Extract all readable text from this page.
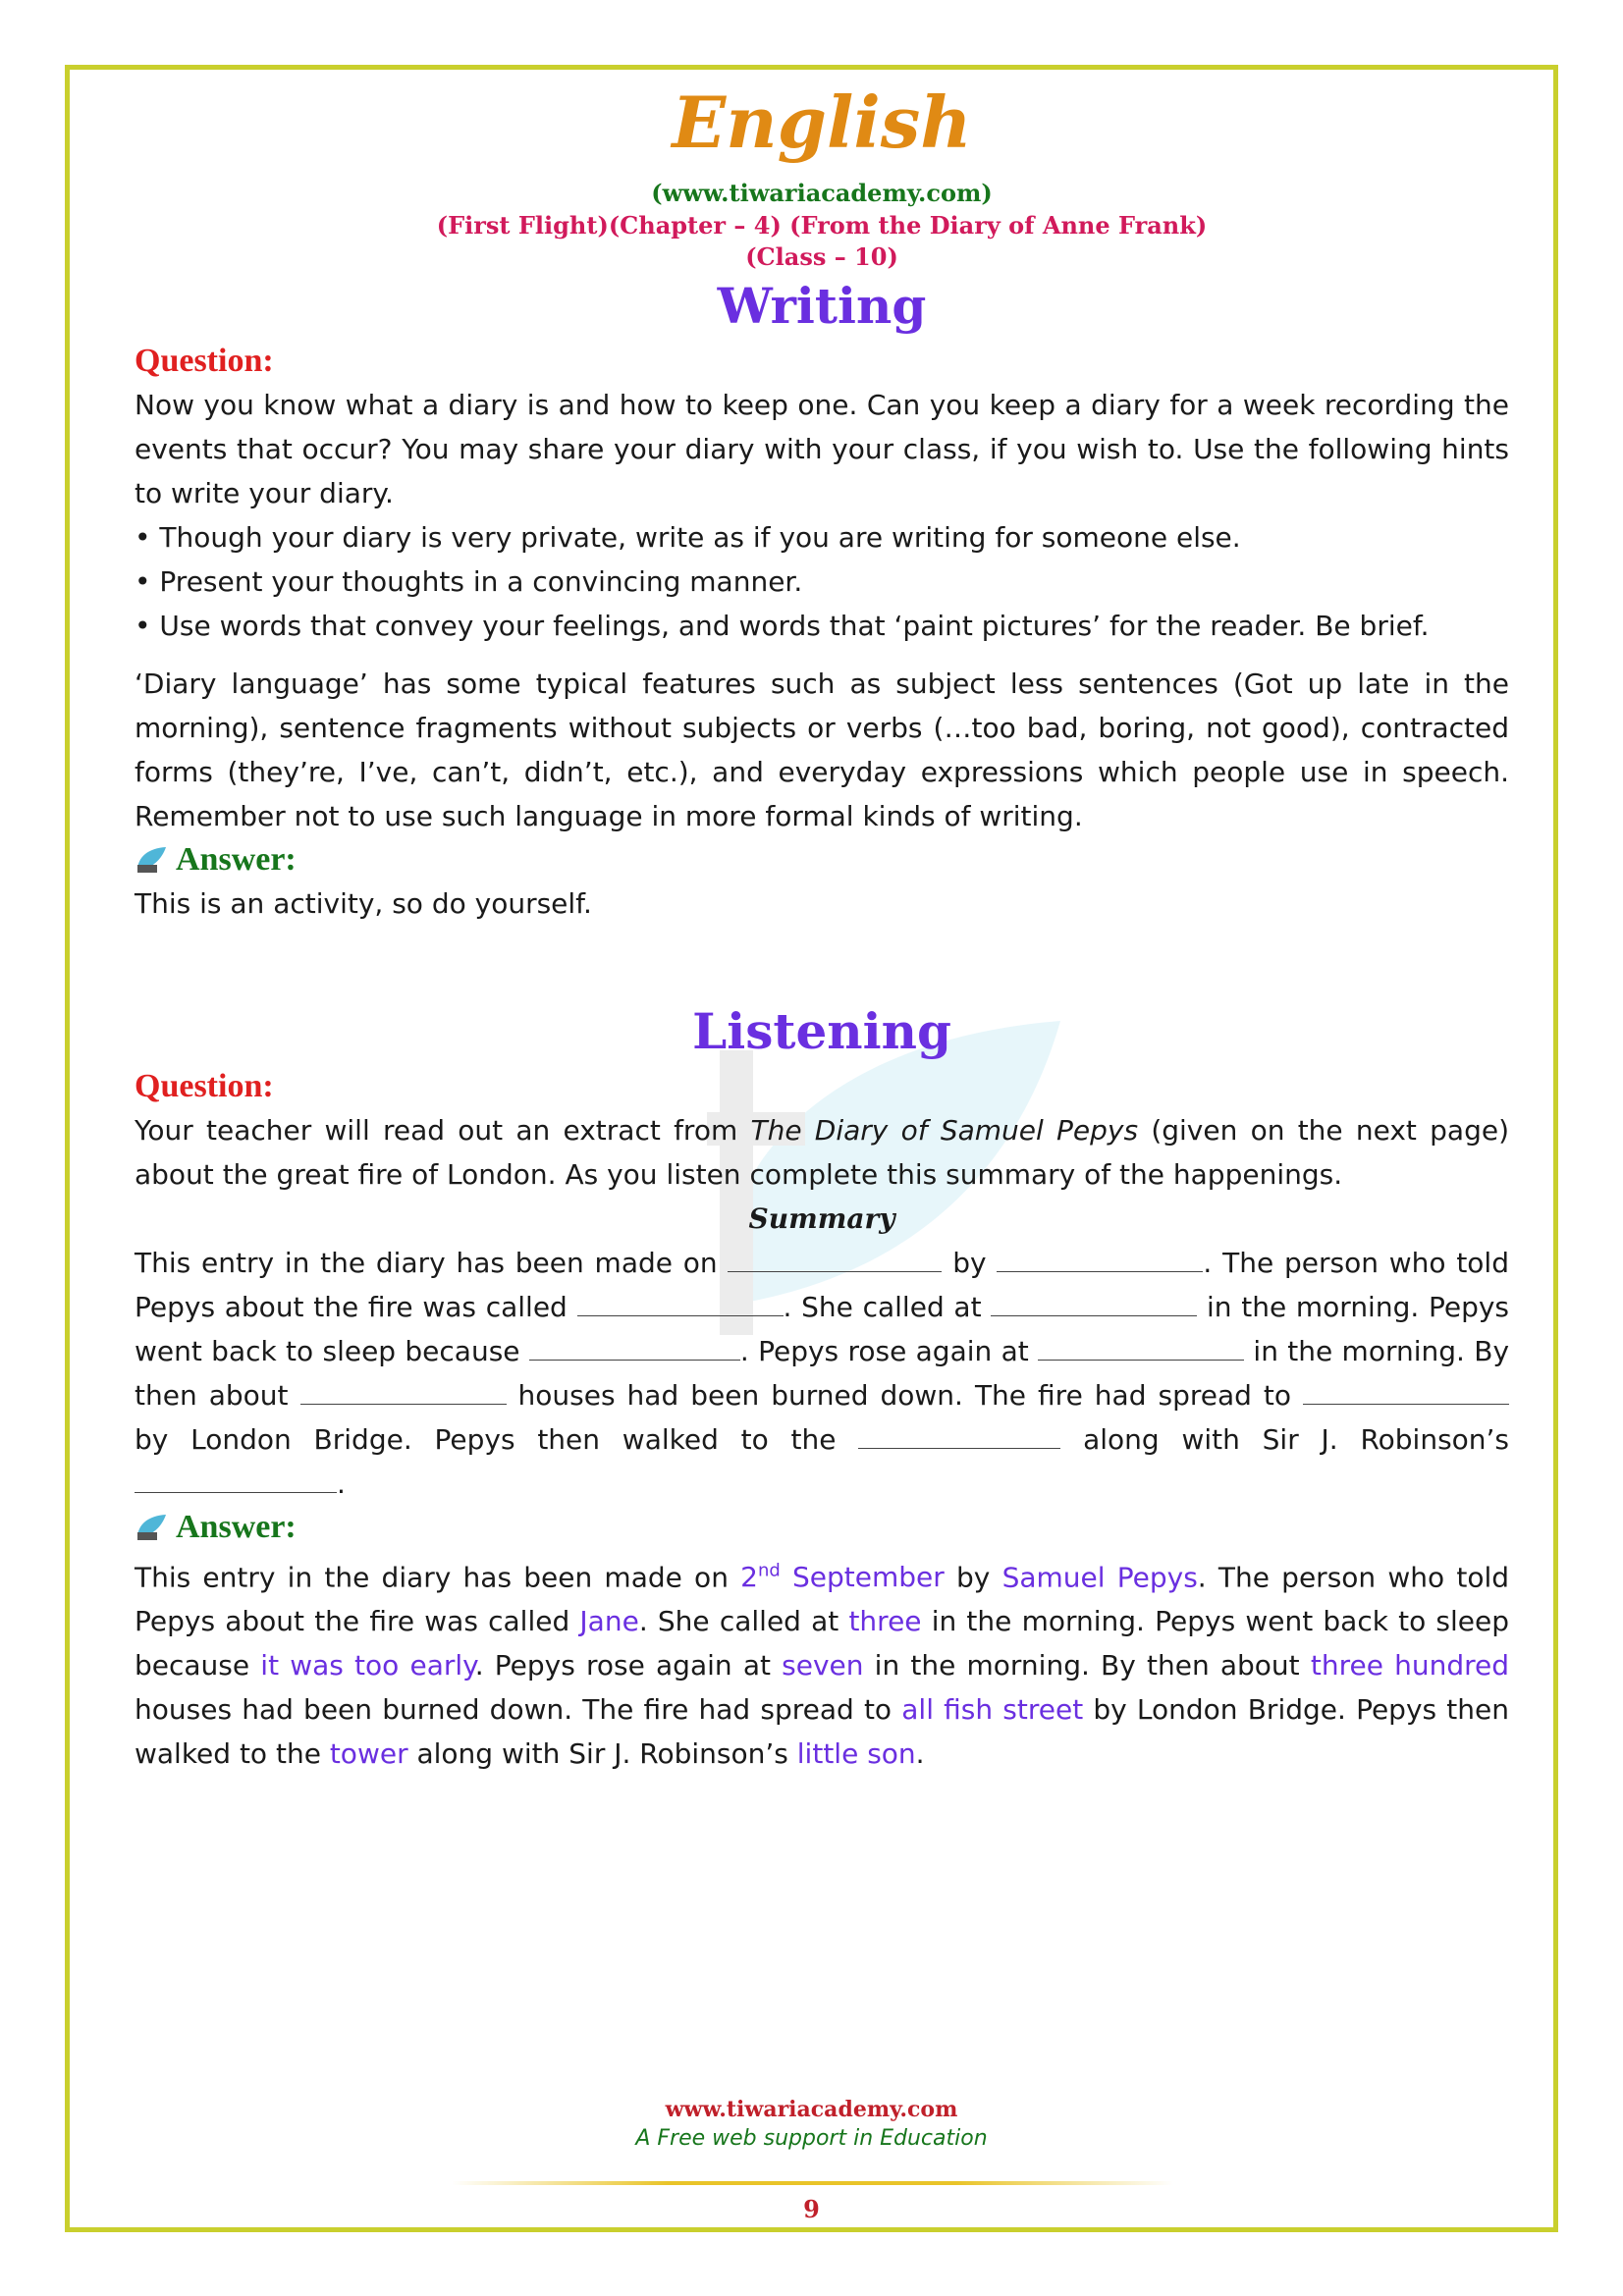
English
(www.tiwariacademy.com)
(First Flight)(Chapter – 4) (From the Diary of Anne Frank)
(Class – 10)
Writing

Question:

Now you know what a diary is and how to keep one. Can you keep a diary for a week recording the events that occur? You may share your diary with your class, if you wish to. Use the following hints to write your diary.

• Though your diary is very private, write as if you are writing for someone else.

• Present your thoughts in a convincing manner.

• Use words that convey your feelings, and words that ‘paint pictures’ for the reader. Be brief.

‘Diary language’ has some typical features such as subject less sentences (Got up late in the morning), sentence fragments without subjects or verbs (…too bad, boring, not good), contracted forms (they’re, I’ve, can’t, didn’t, etc.), and everyday expressions which people use in speech. Remember not to use such language in more formal kinds of writing.

Answer:

This is an activity, so do yourself.

Listening

Question:

Your teacher will read out an extract from The Diary of Samuel Pepys (given on the next page) about the great fire of London. As you listen complete this summary of the happenings.

Summary

This entry in the diary has been made on	by	. The person who told Pepys about the fire was called	. She called at	in the morning. Pepys went back to sleep because	. Pepys rose again at	in the morning. By then about	houses had been burned down. The fire had spread to  by London Bridge. Pepys then walked to the	along with Sir J. Robinson’s .

Answer:

This entry in the diary has been made on 2nd September by Samuel Pepys. The person who told Pepys about the fire was called Jane. She called at three in the morning. Pepys went back to sleep because it was too early. Pepys rose again at seven in the morning. By then about three hundred houses had been burned down. The fire had spread to all fish street by London Bridge. Pepys then walked to the tower along with Sir J. Robinson’s little son.

www.tiwariacademy.com
A Free web support in Education
9
